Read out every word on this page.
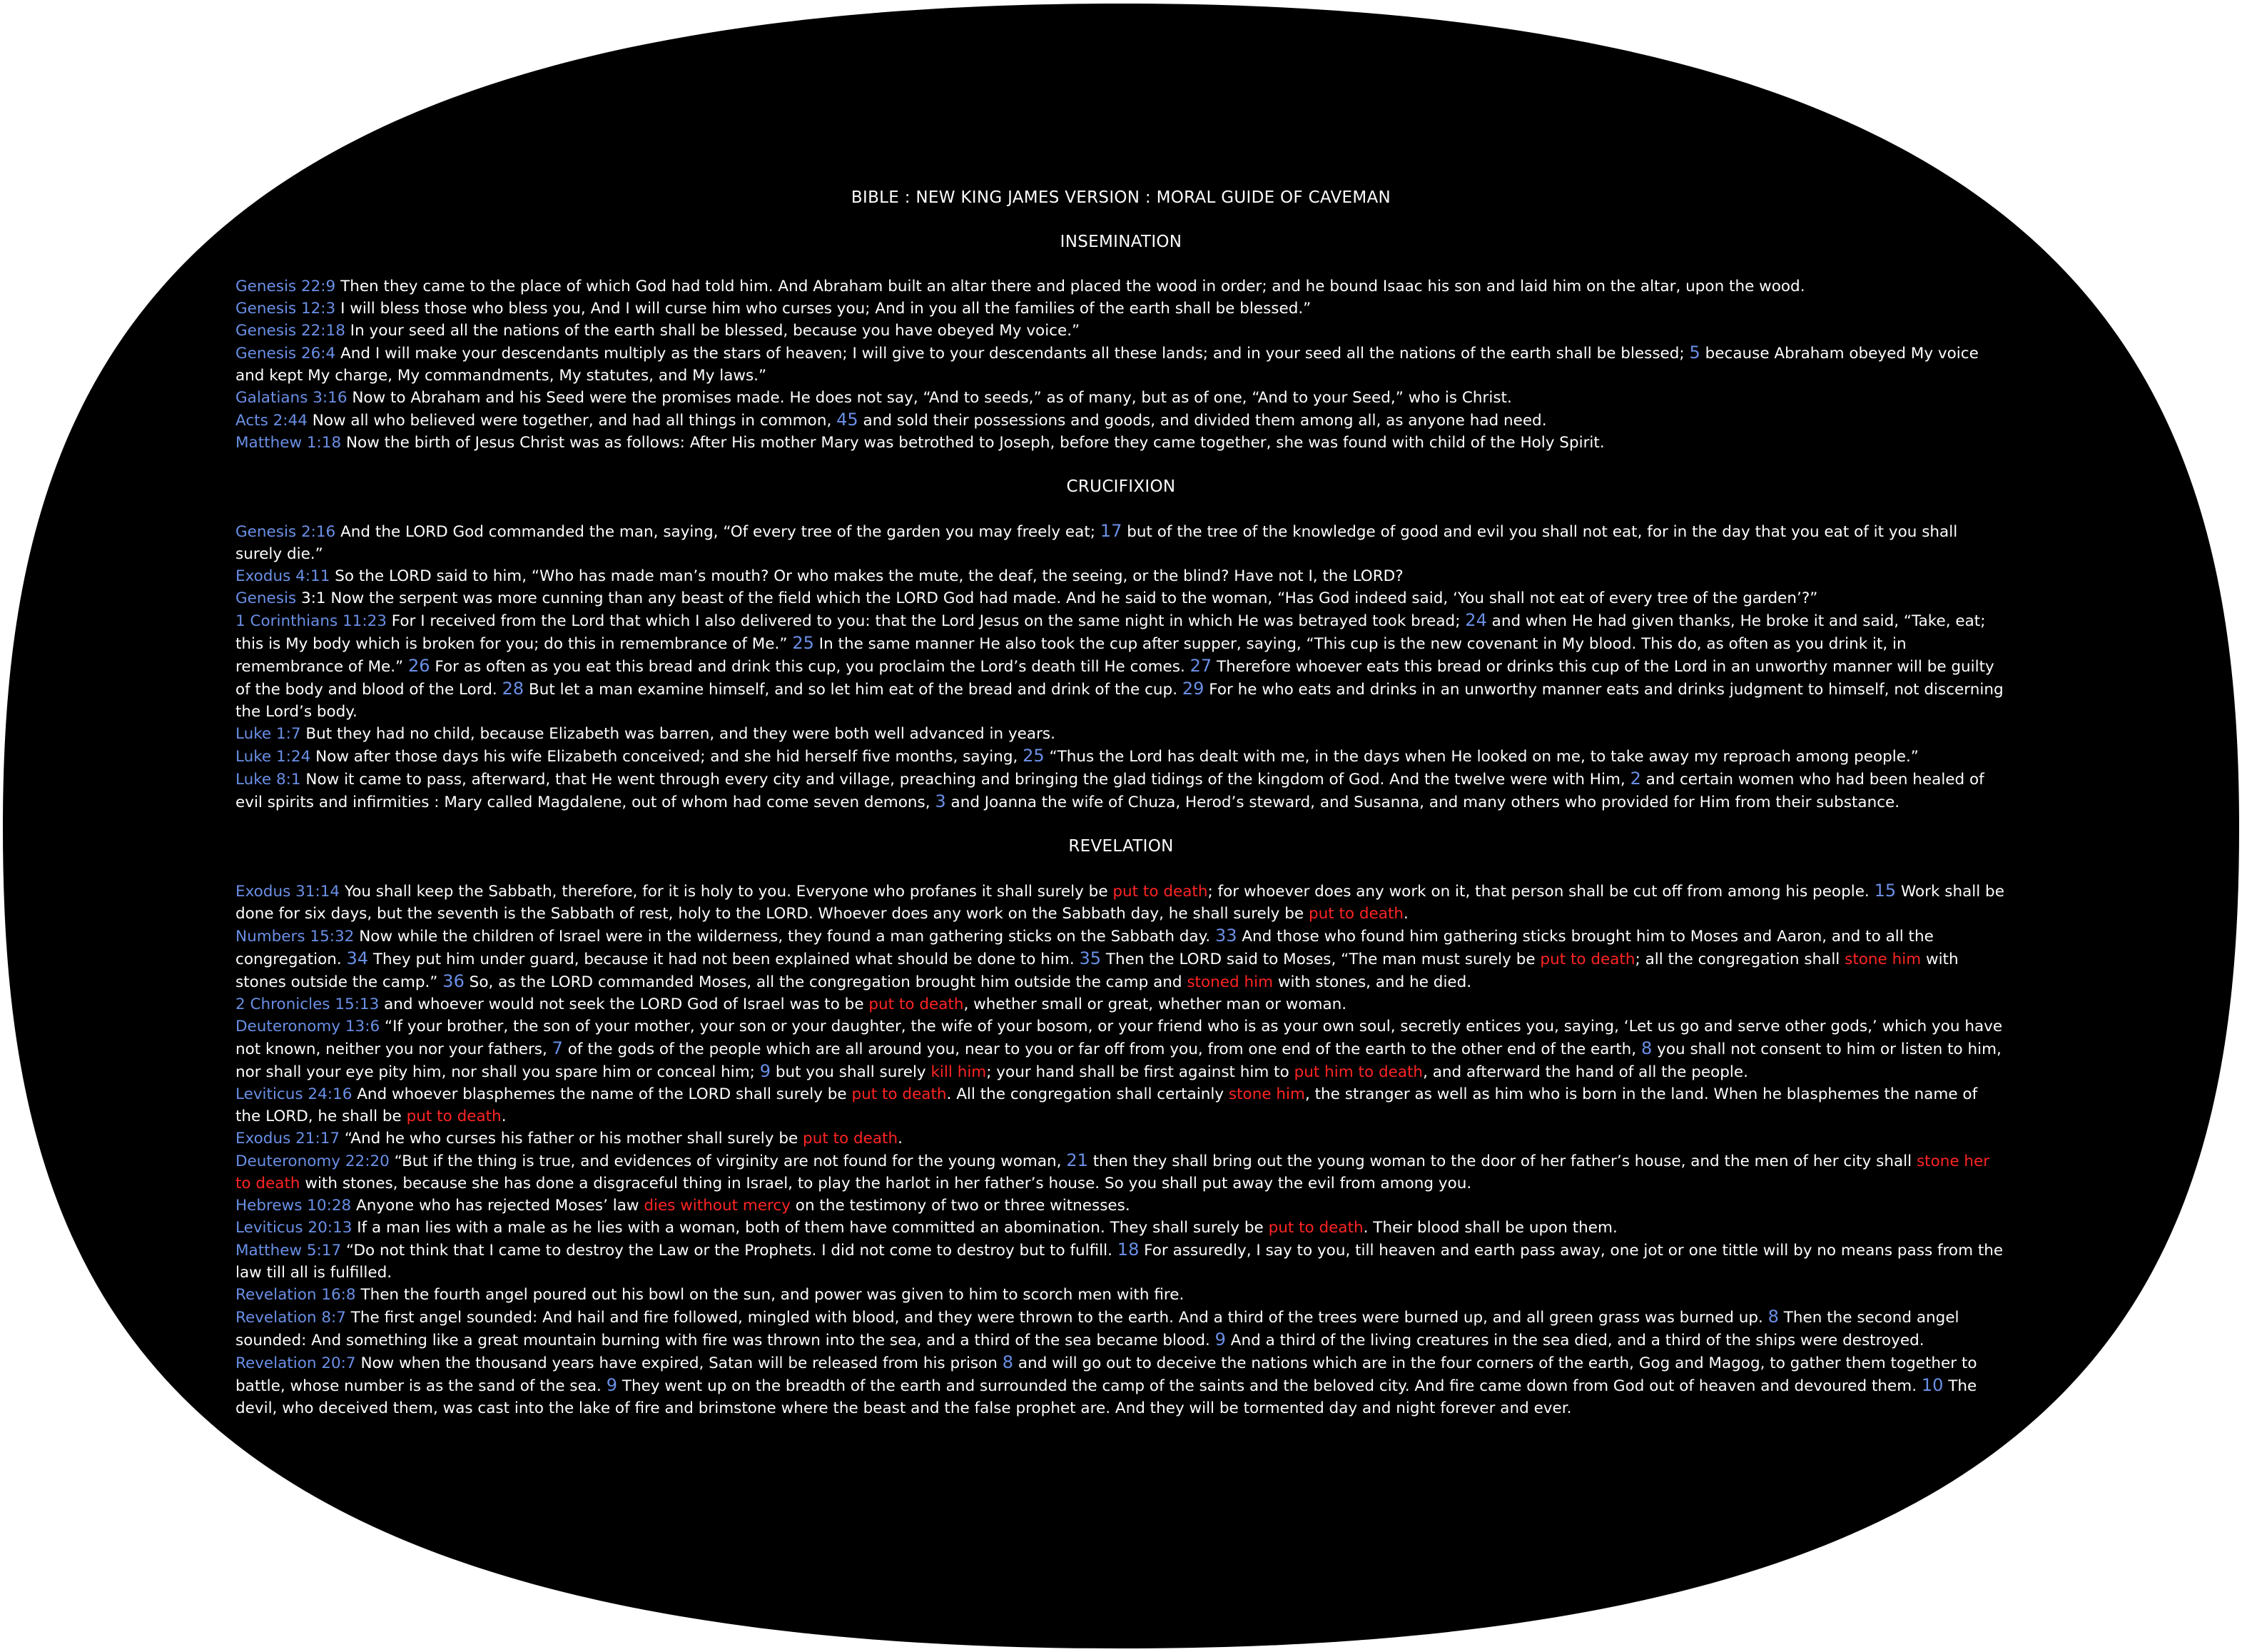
BIBLE : NEW KING JAMES VERSION : MORAL GUIDE OF CAVEMAN
INSEMINATION
Genesis 22:9 Then they came to the place of which God had told him. And Abraham built an altar there and placed the wood in order; and he bound Isaac his son and laid him on the altar, upon the wood.
Genesis 12:3 I will bless those who bless you, And I will curse him who curses you; And in you all the families of the earth shall be blessed.”
Genesis 22:18 In your seed all the nations of the earth shall be blessed, because you have obeyed My voice.”
Genesis 26:4 And I will make your descendants multiply as the stars of heaven; I will give to your descendants all these lands; and in your seed all the nations of the earth shall be blessed; 5 because Abraham obeyed My voice and kept My charge, My commandments, My statutes, and My laws.”
Galatians 3:16 Now to Abraham and his Seed were the promises made. He does not say, “And to seeds,” as of many, but as of one, “And to your Seed,” who is Christ.
Acts 2:44 Now all who believed were together, and had all things in common, 45 and sold their possessions and goods, and divided them among all, as anyone had need.
Matthew 1:18 Now the birth of Jesus Christ was as follows: After His mother Mary was betrothed to Joseph, before they came together, she was found with child of the Holy Spirit.
CRUCIFIXION
Genesis 2:16 And the LORD God commanded the man, saying, “Of every tree of the garden you may freely eat; 17 but of the tree of the knowledge of good and evil you shall not eat, for in the day that you eat of it you shall surely die.”
Exodus 4:11 So the LORD said to him, “Who has made man’s mouth? Or who makes the mute, the deaf, the seeing, or the blind? Have not I, the LORD?
Genesis 3:1 Now the serpent was more cunning than any beast of the field which the LORD God had made. And he said to the woman, “Has God indeed said, ‘You shall not eat of every tree of the garden’?”
1 Corinthians 11:23 For I received from the Lord that which I also delivered to you: that the Lord Jesus on the same night in which He was betrayed took bread; 24 and when He had given thanks, He broke it and said, “Take, eat; this is My body which is broken for you; do this in remembrance of Me.” 25 In the same manner He also took the cup after supper, saying, “This cup is the new covenant in My blood. This do, as often as you drink it, in remembrance of Me.” 26 For as often as you eat this bread and drink this cup, you proclaim the Lord’s death till He comes. 27 Therefore whoever eats this bread or drinks this cup of the Lord in an unworthy manner will be guilty of the body and blood of the Lord. 28 But let a man examine himself, and so let him eat of the bread and drink of the cup. 29 For he who eats and drinks in an unworthy manner eats and drinks judgment to himself, not discerning the Lord’s body.
Luke 1:7 But they had no child, because Elizabeth was barren, and they were both well advanced in years.
Luke 1:24 Now after those days his wife Elizabeth conceived; and she hid herself five months, saying, 25 “Thus the Lord has dealt with me, in the days when He looked on me, to take away my reproach among people.”
Luke 8:1 Now it came to pass, afterward, that He went through every city and village, preaching and bringing the glad tidings of the kingdom of God. And the twelve were with Him, 2 and certain women who had been healed of evil spirits and infirmities : Mary called Magdalene, out of whom had come seven demons, 3 and Joanna the wife of Chuza, Herod’s steward, and Susanna, and many others who provided for Him from their substance.
REVELATION
Exodus 31:14 You shall keep the Sabbath, therefore, for it is holy to you. Everyone who profanes it shall surely be put to death; for whoever does any work on it, that person shall be cut off from among his people. 15 Work shall be done for six days, but the seventh is the Sabbath of rest, holy to the LORD. Whoever does any work on the Sabbath day, he shall surely be put to death.
Numbers 15:32 Now while the children of Israel were in the wilderness, they found a man gathering sticks on the Sabbath day. 33 And those who found him gathering sticks brought him to Moses and Aaron, and to all the congregation. 34 They put him under guard, because it had not been explained what should be done to him. 35 Then the LORD said to Moses, “The man must surely be put to death; all the congregation shall stone him with stones outside the camp.” 36 So, as the LORD commanded Moses, all the congregation brought him outside the camp and stoned him with stones, and he died.
2 Chronicles 15:13 and whoever would not seek the LORD God of Israel was to be put to death, whether small or great, whether man or woman.
Deuteronomy 13:6 “If your brother, the son of your mother, your son or your daughter, the wife of your bosom, or your friend who is as your own soul, secretly entices you, saying, ‘Let us go and serve other gods,’ which you have not known, neither you nor your fathers, 7 of the gods of the people which are all around you, near to you or far off from you, from one end of the earth to the other end of the earth, 8 you shall not consent to him or listen to him, nor shall your eye pity him, nor shall you spare him or conceal him; 9 but you shall surely kill him; your hand shall be first against him to put him to death, and afterward the hand of all the people.
Leviticus 24:16 And whoever blasphemes the name of the LORD shall surely be put to death. All the congregation shall certainly stone him, the stranger as well as him who is born in the land. When he blasphemes the name of the LORD, he shall be put to death.
Exodus 21:17 “And he who curses his father or his mother shall surely be put to death.
Deuteronomy 22:20 “But if the thing is true, and evidences of virginity are not found for the young woman, 21 then they shall bring out the young woman to the door of her father’s house, and the men of her city shall stone her to death with stones, because she has done a disgraceful thing in Israel, to play the harlot in her father’s house. So you shall put away the evil from among you.
Hebrews 10:28 Anyone who has rejected Moses’ law dies without mercy on the testimony of two or three witnesses.
Leviticus 20:13 If a man lies with a male as he lies with a woman, both of them have committed an abomination. They shall surely be put to death. Their blood shall be upon them.
Matthew 5:17 “Do not think that I came to destroy the Law or the Prophets. I did not come to destroy but to fulfill. 18 For assuredly, I say to you, till heaven and earth pass away, one jot or one tittle will by no means pass from the law till all is fulfilled.
Revelation 16:8 Then the fourth angel poured out his bowl on the sun, and power was given to him to scorch men with fire.
Revelation 8:7 The first angel sounded: And hail and fire followed, mingled with blood, and they were thrown to the earth. And a third of the trees were burned up, and all green grass was burned up. 8 Then the second angel sounded: And something like a great mountain burning with fire was thrown into the sea, and a third of the sea became blood. 9 And a third of the living creatures in the sea died, and a third of the ships were destroyed.
Revelation 20:7 Now when the thousand years have expired, Satan will be released from his prison 8 and will go out to deceive the nations which are in the four corners of the earth, Gog and Magog, to gather them together to battle, whose number is as the sand of the sea. 9 They went up on the breadth of the earth and surrounded the camp of the saints and the beloved city. And fire came down from God out of heaven and devoured them. 10 The devil, who deceived them, was cast into the lake of fire and brimstone where the beast and the false prophet are. And they will be tormented day and night forever and ever.
